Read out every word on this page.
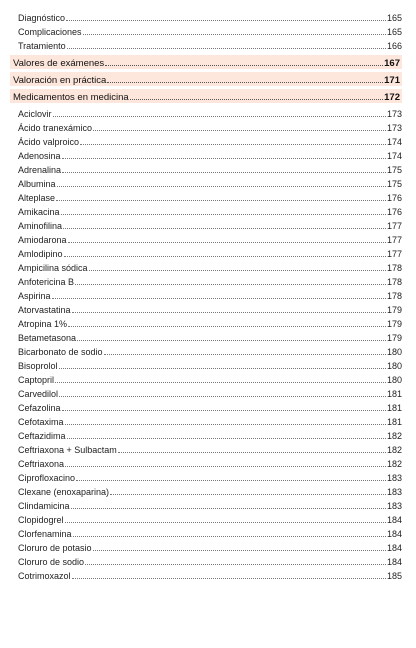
Diagnóstico	165
Complicaciones	165
Tratamiento	166
Valores de exámenes	167
Valoración en práctica	171
Medicamentos en medicina	172
Aciclovir	173
Ácido tranexámico	173
Ácido valproico	174
Adenosina	174
Adrenalina	175
Albumina	175
Alteplase	176
Amikacina	176
Aminofilina	177
Amiodarona	177
Amlodipino	177
Ampicilina sódica	178
Anfotericina B	178
Aspirina	178
Atorvastatina	179
Atropina 1%	179
Betametasona	179
Bicarbonato de sodio	180
Bisoprolol	180
Captopril	180
Carvedilol	181
Cefazolina	181
Cefotaxima	181
Ceftazidima	182
Ceftriaxona + Sulbactam	182
Ceftriaxona	182
Ciprofloxacino	183
Clexane (enoxaparina)	183
Clindamicina	183
Clopidogrel	184
Clorfenamina	184
Cloruro de potasio	184
Cloruro de sodio	184
Cotrimoxazol	185
